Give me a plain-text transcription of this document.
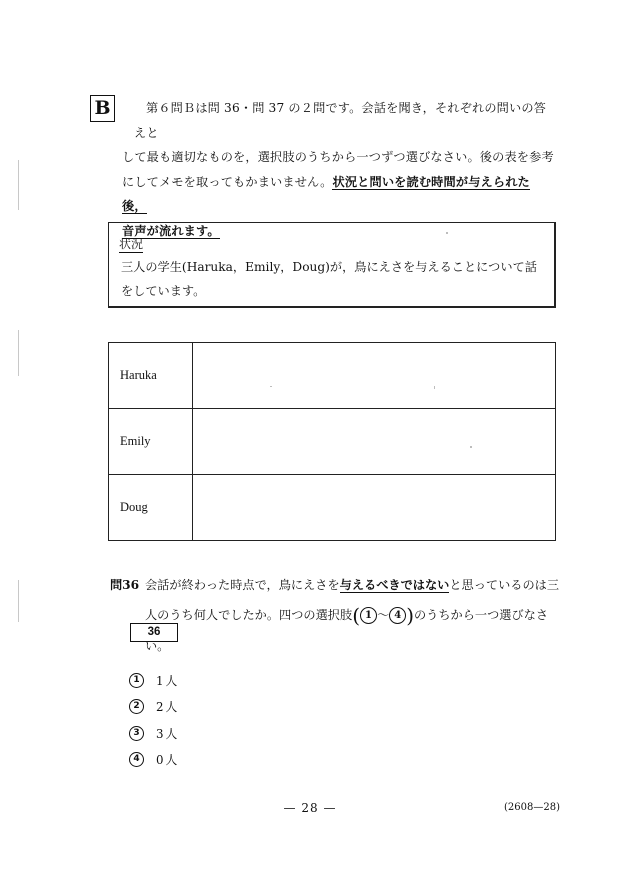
B	第６問Ｂは問 36・問 37 の２問です。会話を聞き，それぞれの問いの答えと
して最も適切なものを，選択肢のうちから一つずつ選びなさい。後の表を参考
にしてメモを取ってもかまいません。状況と問いを読む時間が与えられた後，
音声が流れます。
状況
三人の学生(Haruka，Emily，Doug)が，鳥にえさを与えることについて話をしています。
Haruka	
Emily	
Doug	
問36 会話が終わった時点で，鳥にえさを与えるべきではないと思っているのは三人のうち何人でしたか。四つの選択肢( 1 ～ 4 )のうちから一つ選びなさい。
36
1	1人
2	2人
3	3人
4	0人
— 28 —	(2608—28)
